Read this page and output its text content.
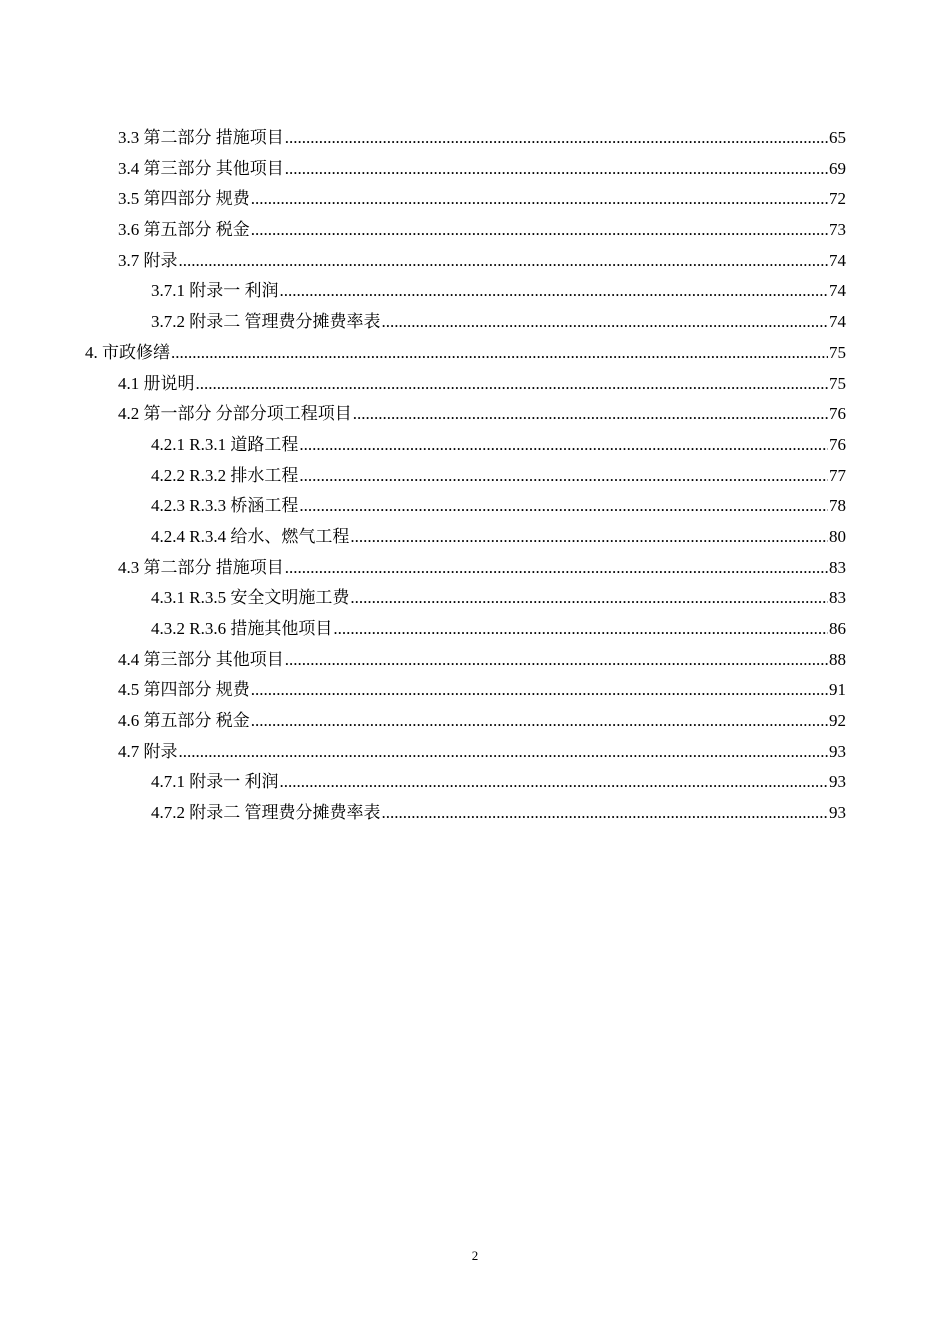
3.3 第二部分 措施项目 .....	65
3.4 第三部分 其他项目 .....	69
3.5 第四部分 规费 .....	72
3.6 第五部分 税金 .....	73
3.7 附录 .....	74
3.7.1 附录一 利润 .....	74
3.7.2 附录二 管理费分摊费率表 .....	74
4. 市政修缮 .....	75
4.1 册说明 .....	75
4.2 第一部分 分部分项工程项目 .....	76
4.2.1 R.3.1 道路工程 .....	76
4.2.2 R.3.2 排水工程 .....	77
4.2.3 R.3.3 桥涵工程 .....	78
4.2.4 R.3.4 给水、燃气工程 .....	80
4.3 第二部分 措施项目 .....	83
4.3.1 R.3.5 安全文明施工费 .....	83
4.3.2 R.3.6 措施其他项目 .....	86
4.4 第三部分 其他项目 .....	88
4.5 第四部分 规费 .....	91
4.6 第五部分 税金 .....	92
4.7 附录 .....	93
4.7.1 附录一 利润 .....	93
4.7.2 附录二 管理费分摊费率表 .....	93
2
